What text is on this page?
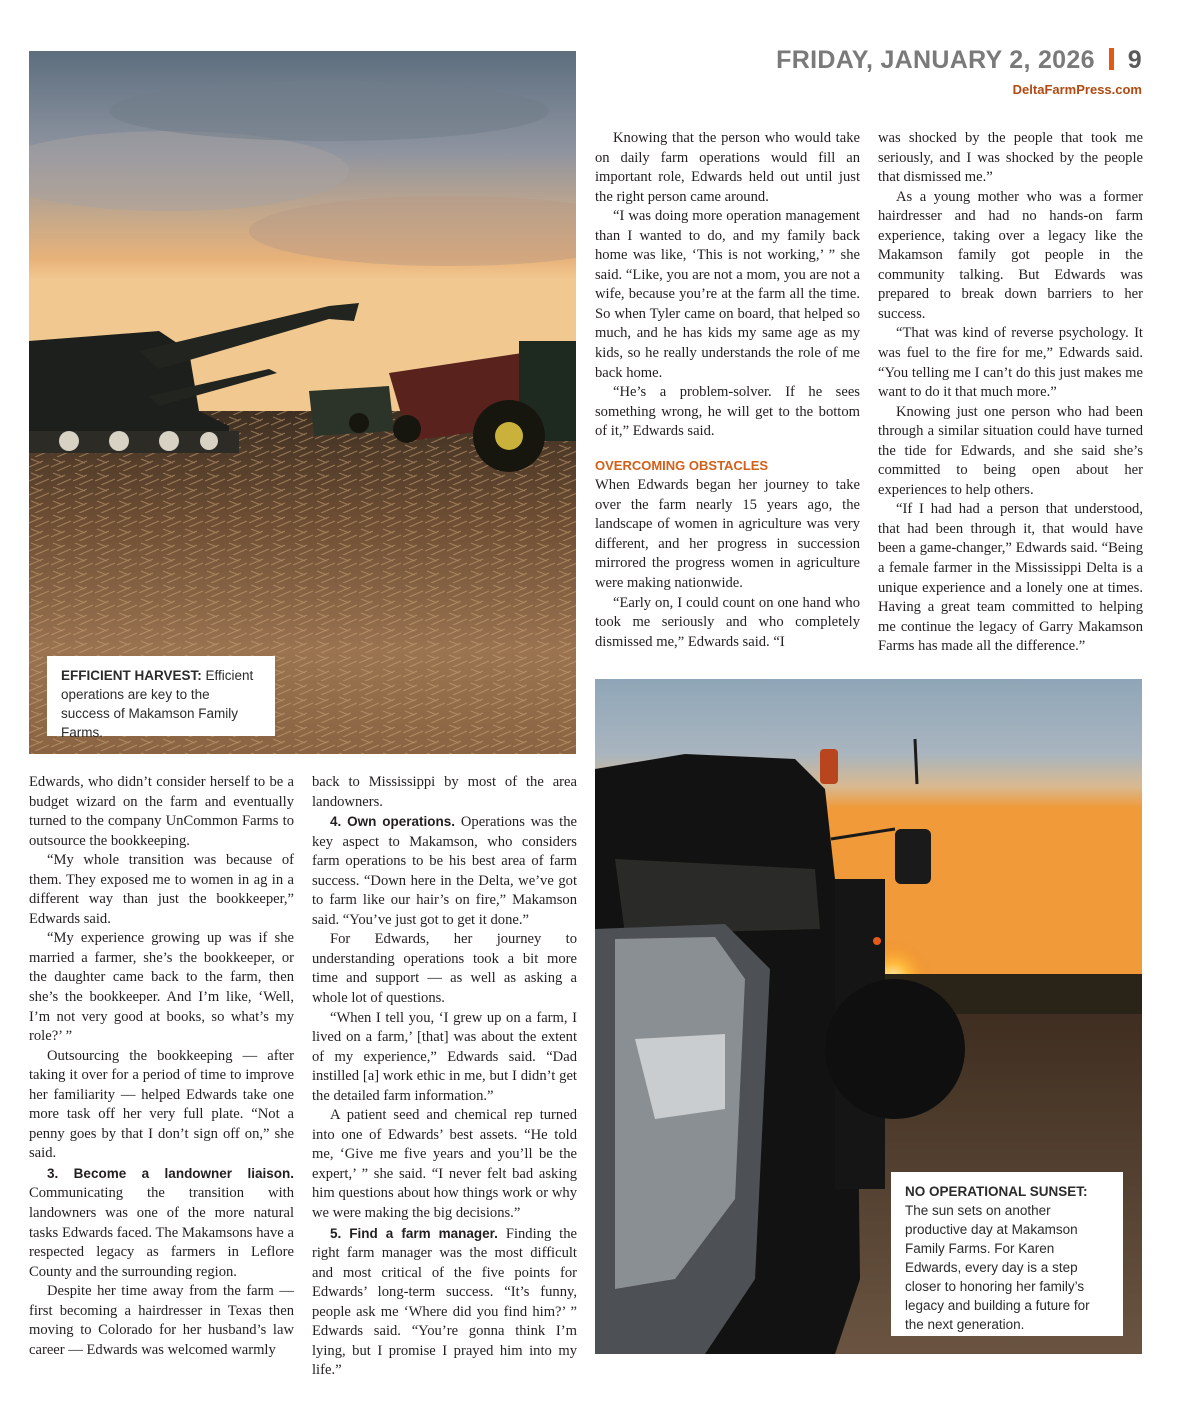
FRIDAY, JANUARY 2, 2026 9
DeltaFarmPress.com
EFFICIENT HARVEST: Efficient operations are key to the success of Makamson Family Farms.
NO OPERATIONAL SUNSET: The sun sets on another productive day at Makamson Family Farms. For Karen Edwards, every day is a step closer to honoring her family’s legacy and building a future for the next generation.

Knowing that the person who would take on daily farm operations would fill an important role, Edwards held out until just the right person came around.

“I was doing more operation management than I wanted to do, and my family back home was like, ‘This is not working,’ ” she said. “Like, you are not a mom, you are not a wife, because you’re at the farm all the time. So when Tyler came on board, that helped so much, and he has kids my same age as my kids, so he really understands the role of me back home.

“He’s a problem-solver. If he sees something wrong, he will get to the bottom of it,” Edwards said.

OVERCOMING OBSTACLES

When Edwards began her journey to take over the farm nearly 15 years ago, the landscape of women in agriculture was very different, and her progress in succession mirrored the progress women in agriculture were making nationwide.

“Early on, I could count on one hand who took me seriously and who completely dismissed me,” Edwards said. “I

was shocked by the people that took me seriously, and I was shocked by the people that dismissed me.”

As a young mother who was a former hairdresser and had no hands-on farm experience, taking over a legacy like the Makamson family got people in the community talking. But Edwards was prepared to break down barriers to her success.

“That was kind of reverse psychology. It was fuel to the fire for me,” Edwards said. “You telling me I can’t do this just makes me want to do it that much more.”

Knowing just one person who had been through a similar situation could have turned the tide for Edwards, and she said she’s committed to being open about her experiences to help others.

“If I had had a person that understood, that had been through it, that would have been a game-changer,” Edwards said. “Being a female farmer in the Mississippi Delta is a unique experience and a lonely one at times. Having a great team committed to helping me continue the legacy of Garry Makamson Farms has made all the difference.”

Edwards, who didn’t consider herself to be a budget wizard on the farm and eventually turned to the company UnCommon Farms to outsource the bookkeeping.

“My whole transition was because of them. They exposed me to women in ag in a different way than just the bookkeeper,” Edwards said.

“My experience growing up was if she married a farmer, she’s the bookkeeper, or the daughter came back to the farm, then she’s the bookkeeper. And I’m like, ‘Well, I’m not very good at books, so what’s my role?’ ”

Outsourcing the bookkeeping — after taking it over for a period of time to improve her familiarity — helped Edwards take one more task off her very full plate. “Not a penny goes by that I don’t sign off on,” she said.

3. Become a landowner liaison. Communicating the transition with landowners was one of the more natural tasks Edwards faced. The Makamsons have a respected legacy as farmers in Leflore County and the surrounding region.

Despite her time away from the farm — first becoming a hairdresser in Texas then moving to Colorado for her husband’s law career — Edwards was welcomed warmly

back to Mississippi by most of the area landowners.

4. Own operations. Operations was the key aspect to Makamson, who considers farm operations to be his best area of farm success. “Down here in the Delta, we’ve got to farm like our hair’s on fire,” Makamson said. “You’ve just got to get it done.”

For Edwards, her journey to understanding operations took a bit more time and support — as well as asking a whole lot of questions.

“When I tell you, ‘I grew up on a farm, I lived on a farm,’ [that] was about the extent of my experience,” Edwards said. “Dad instilled [a] work ethic in me, but I didn’t get the detailed farm information.”

A patient seed and chemical rep turned into one of Edwards’ best assets. “He told me, ‘Give me five years and you’ll be the expert,’ ” she said. “I never felt bad asking him questions about how things work or why we were making the big decisions.”

5. Find a farm manager. Finding the right farm manager was the most difficult and most critical of the five points for Edwards’ long-term success. “It’s funny, people ask me ‘Where did you find him?’ ” Edwards said. “You’re gonna think I’m lying, but I promise I prayed him into my life.”
